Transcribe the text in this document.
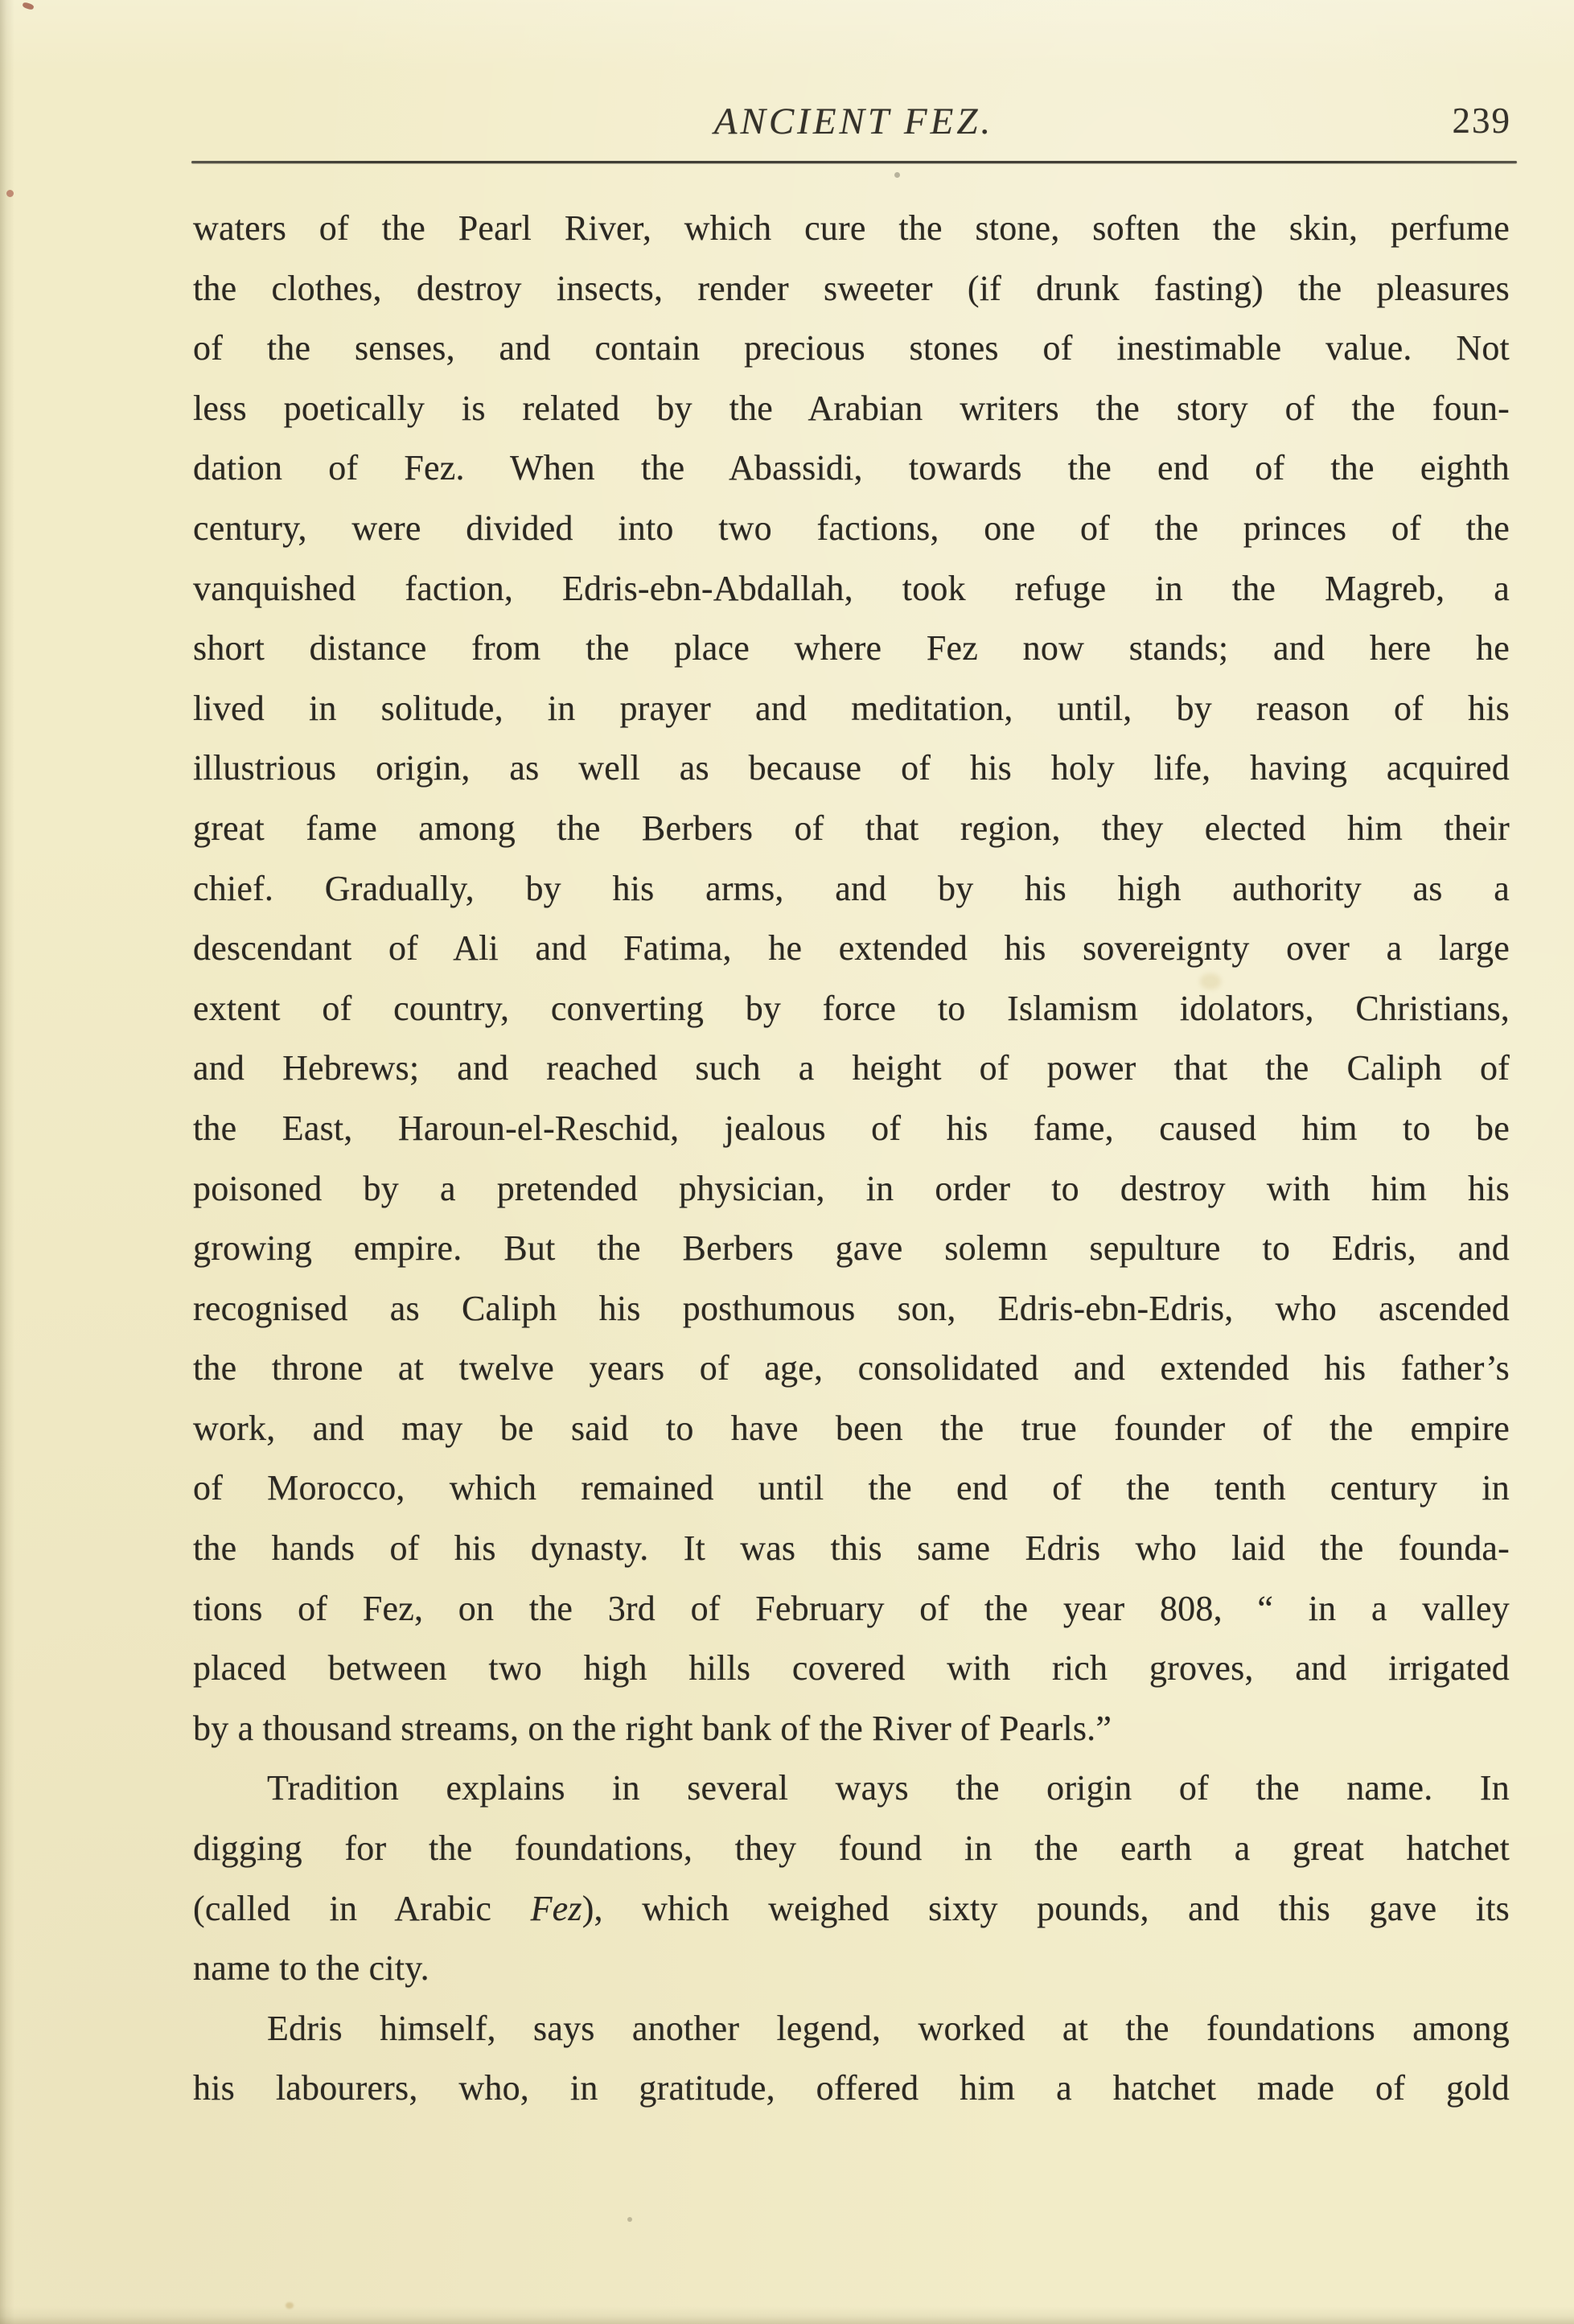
ANCIENT FEZ.	239
waters of the Pearl River, which cure the stone, soften the skin, perfume
the clothes, destroy insects, render sweeter (if drunk fasting) the pleasures
of the senses, and contain precious stones of inestimable value. Not
less poetically is related by the Arabian writers the story of the foun-
dation of Fez. When the Abassidi, towards the end of the eighth
century, were divided into two factions, one of the princes of the
vanquished faction, Edris-ebn-Abdallah, took refuge in the Magreb, a
short distance from the place where Fez now stands; and here he
lived in solitude, in prayer and meditation, until, by reason of his
illustrious origin, as well as because of his holy life, having acquired
great fame among the Berbers of that region, they elected him their
chief. Gradually, by his arms, and by his high authority as a
descendant of Ali and Fatima, he extended his sovereignty over a large
extent of country, converting by force to Islamism idolators, Christians,
and Hebrews; and reached such a height of power that the Caliph of
the East, Haroun-el-Reschid, jealous of his fame, caused him to be
poisoned by a pretended physician, in order to destroy with him his
growing empire. But the Berbers gave solemn sepulture to Edris, and
recognised as Caliph his posthumous son, Edris-ebn-Edris, who ascended
the throne at twelve years of age, consolidated and extended his father’s
work, and may be said to have been the true founder of the empire
of Morocco, which remained until the end of the tenth century in
the hands of his dynasty. It was this same Edris who laid the founda-
tions of Fez, on the 3rd of February of the year 808, “ in a valley
placed between two high hills covered with rich groves, and irrigated
by a thousand streams, on the right bank of the River of Pearls.”
Tradition explains in several ways the origin of the name. In
digging for the foundations, they found in the earth a great hatchet
(called in Arabic Fez), which weighed sixty pounds, and this gave its
name to the city.
Edris himself, says another legend, worked at the foundations among
his labourers, who, in gratitude, offered him a hatchet made of gold
